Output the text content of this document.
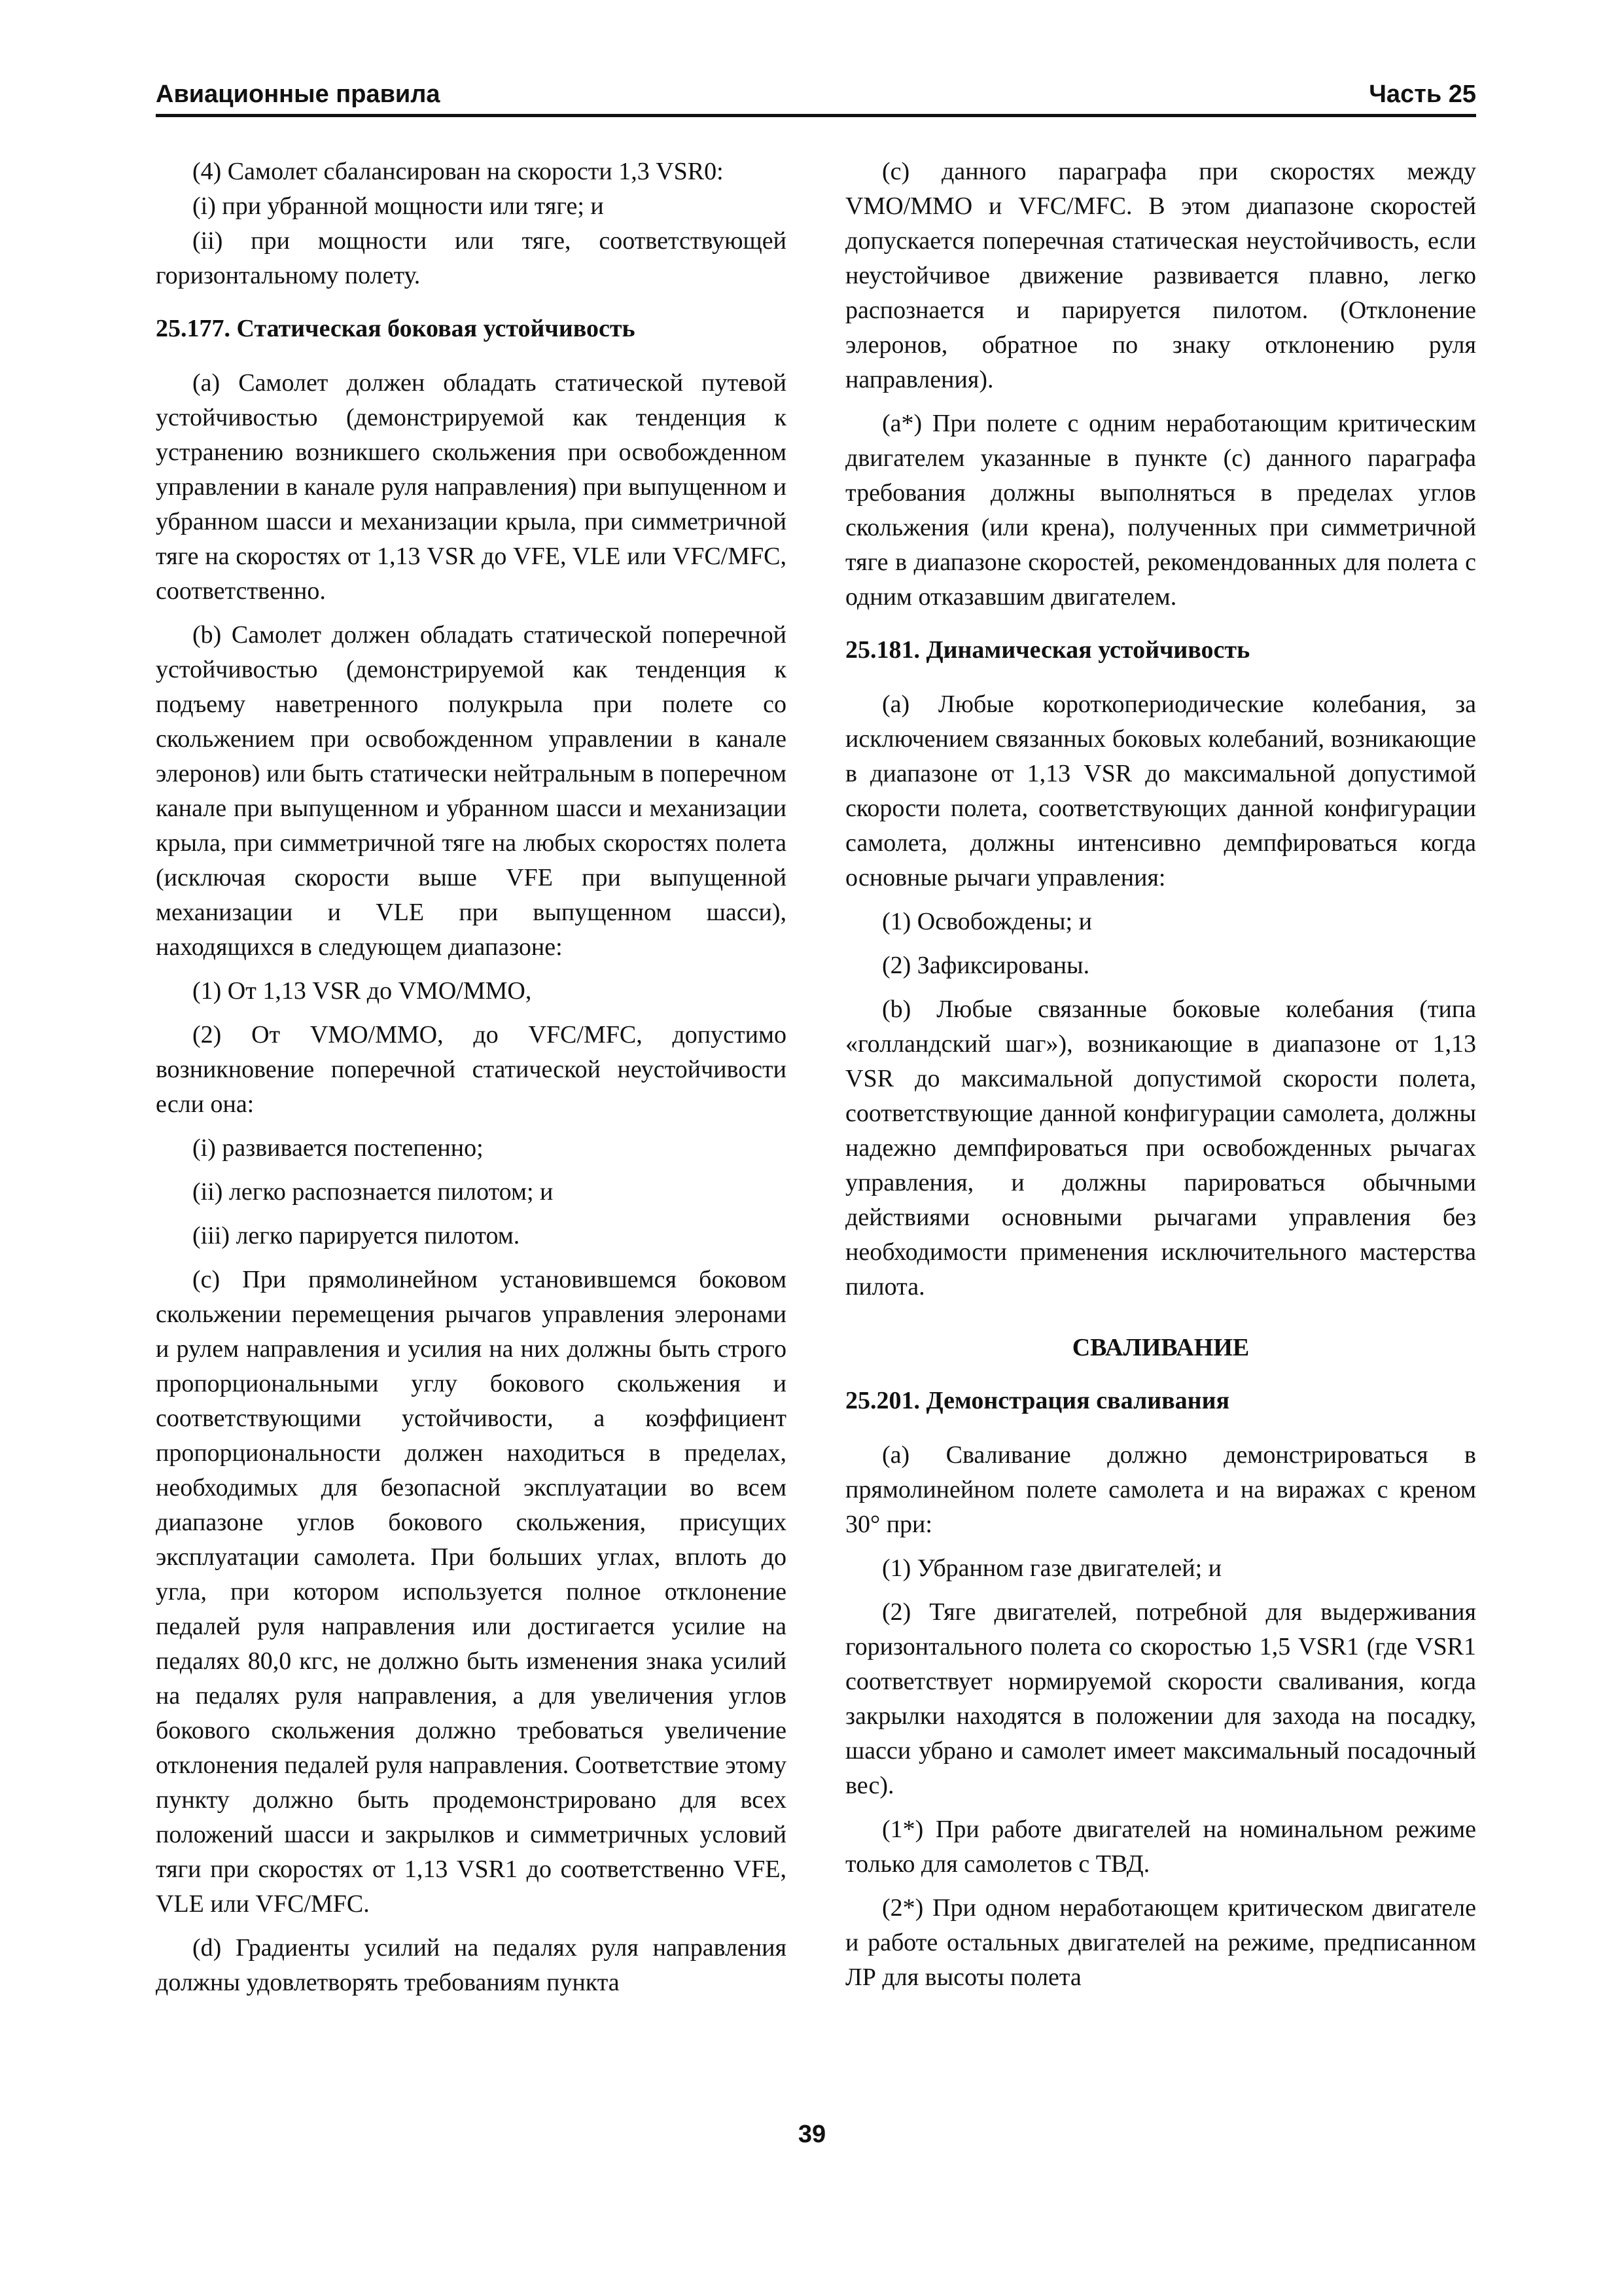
Авиационные правила	Часть 25

(4) Самолет сбалансирован на скорости 1,3 VSR0:

(i) при убранной мощности или тяге; и

(ii) при мощности или тяге, соответствующей горизонтальному полету.

25.177. Статическая боковая устойчивость

(a) Самолет должен обладать статической путевой устойчивостью (демонстрируемой как тенденция к устранению возникшего скольжения при освобожденном управлении в канале руля направления) при выпущенном и убранном шасси и механизации крыла, при симметричной тяге на скоростях от 1,13 VSR до VFE, VLE или VFC/MFC, соответственно.

(b) Самолет должен обладать статической поперечной устойчивостью (демонстрируемой как тенденция к подъему наветренного полукрыла при полете со скольжением при освобожденном управлении в канале элеронов) или быть статически нейтральным в поперечном канале при выпущенном и убранном шасси и механизации крыла, при симметричной тяге на любых скоростях полета (исключая скорости выше VFE при выпущенной механизации и VLE при выпущенном шасси), находящихся в следующем диапазоне:

(1) От 1,13 VSR до VMO/MMO,

(2) От VMO/MMO, до VFC/MFC, допустимо возникновение поперечной статической неустойчивости если она:

(i) развивается постепенно;

(ii) легко распознается пилотом; и

(iii) легко парируется пилотом.

(c) При прямолинейном установившемся боковом скольжении перемещения рычагов управления элеронами и рулем направления и усилия на них должны быть строго пропорциональными углу бокового скольжения и соответствующими устойчивости, а коэффициент пропорциональности должен находиться в пределах, необходимых для безопасной эксплуатации во всем диапазоне углов бокового скольжения, присущих эксплуатации самолета. При больших углах, вплоть до угла, при котором используется полное отклонение педалей руля направления или достигается усилие на педалях 80,0 кгс, не должно быть изменения знака усилий на педалях руля направления, а для увеличения углов бокового скольжения должно требоваться увеличение отклонения педалей руля направления. Соответствие этому пункту должно быть продемонстрировано для всех положений шасси и закрылков и симметричных условий тяги при скоростях от 1,13 VSR1 до соответственно VFE, VLE или VFC/MFC.

(d) Градиенты усилий на педалях руля направления должны удовлетворять требованиям пункта

(c) данного параграфа при скоростях между VMO/MMO и VFC/MFC. В этом диапазоне скоростей допускается поперечная статическая неустойчивость, если неустойчивое движение развивается плавно, легко распознается и парируется пилотом. (Отклонение элеронов, обратное по знаку отклонению руля направления).

(a*) При полете с одним неработающим критическим двигателем указанные в пункте (c) данного параграфа требования должны выполняться в пределах углов скольжения (или крена), полученных при симметричной тяге в диапазоне скоростей, рекомендованных для полета с одним отказавшим двигателем.

25.181. Динамическая устойчивость

(a) Любые короткопериодические колебания, за исключением связанных боковых колебаний, возникающие в диапазоне от 1,13 VSR до максимальной допустимой скорости полета, соответствующих данной конфигурации самолета, должны интенсивно демпфироваться когда основные рычаги управления:

(1) Освобождены; и

(2) Зафиксированы.

(b) Любые связанные боковые колебания (типа «голландский шаг»), возникающие в диапазоне от 1,13 VSR до максимальной допустимой скорости полета, соответствующие данной конфигурации самолета, должны надежно демпфироваться при освобожденных рычагах управления, и должны парироваться обычными действиями основными рычагами управления без необходимости применения исключительного мастерства пилота.

СВАЛИВАНИЕ

25.201. Демонстрация сваливания

(a) Сваливание должно демонстрироваться в прямолинейном полете самолета и на виражах с креном 30° при:

(1) Убранном газе двигателей; и

(2) Тяге двигателей, потребной для выдерживания горизонтального полета со скоростью 1,5 VSR1 (где VSR1 соответствует нормируемой скорости сваливания, когда закрылки находятся в положении для захода на посадку, шасси убрано и самолет имеет максимальный посадочный вес).

(1*) При работе двигателей на номинальном режиме только для самолетов с ТВД.

(2*) При одном неработающем критическом двигателе и работе остальных двигателей на режиме, предписанном ЛР для высоты полета

39
